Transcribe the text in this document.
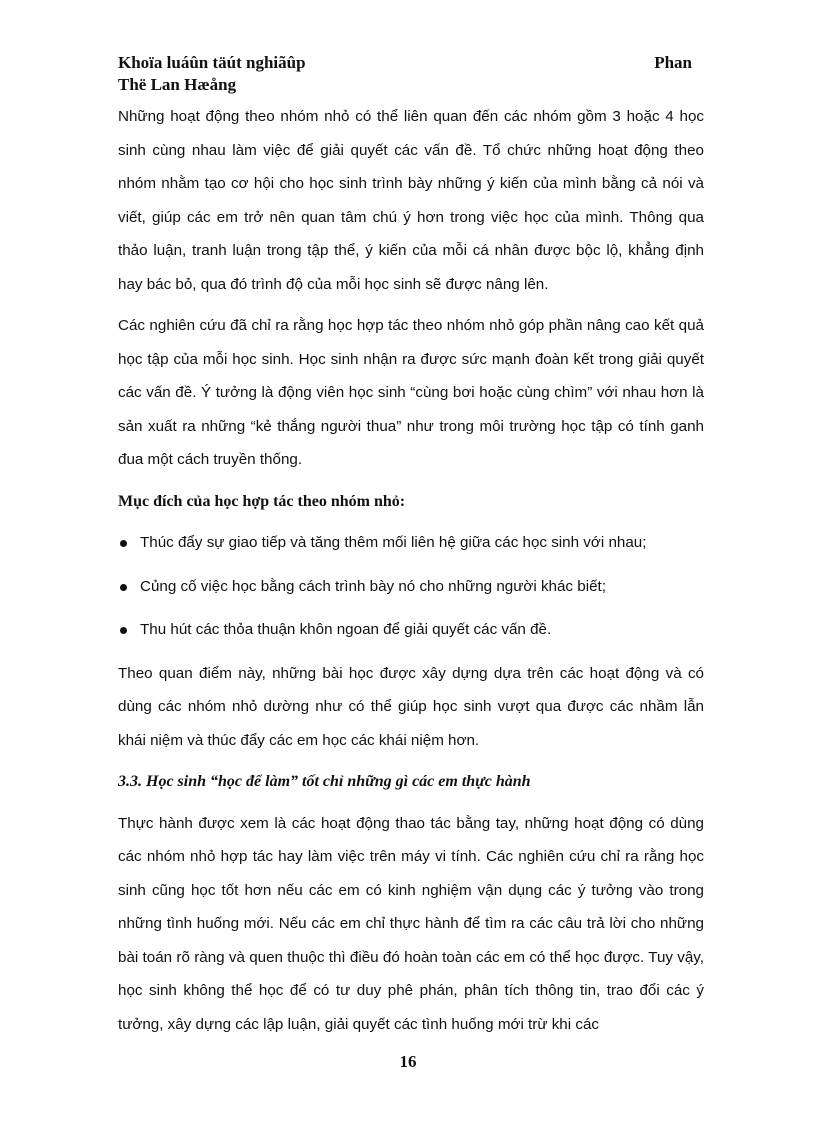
Khoïa luáûn täút nghiãûp	Phan
Thë Lan Hæång

Những hoạt động theo nhóm nhỏ có thể liên quan đến các nhóm gồm 3 hoặc 4 học sinh cùng nhau làm việc để giải quyết các vấn đề. Tổ chức những hoạt động theo nhóm nhằm tạo cơ hội cho học sinh trình bày những ý kiến của mình bằng cả nói và viết, giúp các em trở nên quan tâm chú ý hơn trong việc học của mình. Thông qua thảo luận, tranh luận trong tập thể, ý kiến của mỗi cá nhân được bộc lộ, khẳng định hay bác bỏ, qua đó trình độ của mỗi học sinh sẽ được nâng lên.

Các nghiên cứu đã chỉ ra rằng học hợp tác theo nhóm nhỏ góp phần nâng cao kết quả học tập của mỗi học sinh. Học sinh nhận ra được sức mạnh đoàn kết trong giải quyết các vấn đề. Ý tưởng là động viên học sinh “cùng bơi hoặc cùng chìm” với nhau hơn là sản xuất ra những “kẻ thắng người thua” như trong môi trường học tập có tính ganh đua một cách truyền thống.

Mục đích của học hợp tác theo nhóm nhỏ:
Thúc đẩy sự giao tiếp và tăng thêm mối liên hệ giữa các học sinh với nhau;
Củng cố việc học bằng cách trình bày nó cho những người khác biết;
Thu hút các thỏa thuận khôn ngoan để giải quyết các vấn đề.

Theo quan điểm này, những bài học được xây dựng dựa trên các hoạt động và có dùng các nhóm nhỏ dường như có thể giúp học sinh vượt qua được các nhầm lẫn khái niệm và thúc đẩy các em học các khái niệm hơn.

3.3. Học sinh “học để làm” tốt chỉ những gì các em thực hành

Thực hành được xem là các hoạt động thao tác bằng tay, những hoạt động có dùng các nhóm nhỏ hợp tác hay làm việc trên máy vi tính. Các nghiên cứu chỉ ra rằng học sinh cũng học tốt hơn nếu các em có kinh nghiệm vận dụng các ý tưởng vào trong những tình huống mới. Nếu các em chỉ thực hành để tìm ra các câu trả lời cho những bài toán rõ ràng và quen thuộc thì điều đó hoàn toàn các em có thể học được. Tuy vậy, học sinh không thể học để có tư duy phê phán, phân tích thông tin, trao đổi các ý tưởng, xây dựng các lập luận, giải quyết các tình huống mới trừ khi các

16
